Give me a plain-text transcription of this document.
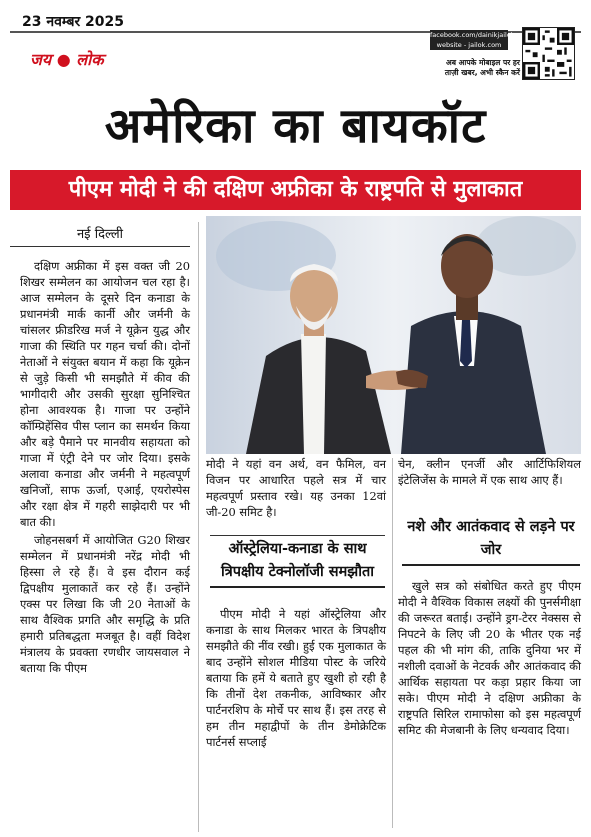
23 नवम्बर 2025
जय ● लोक
facebook.com/dainikjailok
website - jailok.com
अब आपके मोबाइल पर हर
ताज़ी खबर, अभी स्कैन करें
अमेरिका का बायकॉट
पीएम मोदी ने की दक्षिण अफ्रीका के राष्ट्रपति से मुलाकात
नई दिल्ली

दक्षिण अफ्रीका में इस वक्त जी 20 शिखर सम्मेलन का आयोजन चल रहा है। आज सम्मेलन के दूसरे दिन कनाडा के प्रधानमंत्री मार्क कार्नी और जर्मनी के चांसलर फ्रीडरिख मर्ज ने यूक्रेन युद्ध और गाजा की स्थिति पर गहन चर्चा की। दोनों नेताओं ने संयुक्त बयान में कहा कि यूक्रेन से जुड़े किसी भी समझौते में कीव की भागीदारी और उसकी सुरक्षा सुनिश्चित होना आवश्यक है। गाजा पर उन्होंने कॉम्प्रिहेंसिव पीस प्लान का समर्थन किया और बड़े पैमाने पर मानवीय सहायता को गाजा में एंट्री देने पर जोर दिया। इसके अलावा कनाडा और जर्मनी ने महत्वपूर्ण खनिजों, साफ ऊर्जा, एआई, एयरोस्पेस और रक्षा क्षेत्र में गहरी साझेदारी पर भी बात की।

जोहनसबर्ग में आयोजित G20 शिखर सम्मेलन में प्रधानमंत्री नरेंद्र मोदी भी हिस्सा ले रहे हैं। वे इस दौरान कई द्विपक्षीय मुलाकातें कर रहे हैं। उन्होंने एक्स पर लिखा कि जी 20 नेताओं के साथ वैश्विक प्रगति और समृद्धि के प्रति हमारी प्रतिबद्धता मजबूत है। वहीं विदेश मंत्रालय के प्रवक्ता रणधीर जायसवाल ने बताया कि पीएम

मोदी ने यहां वन अर्थ, वन फैमिल, वन विजन पर आधारित पहले सत्र में चार महत्वपूर्ण प्रस्ताव रखे। यह उनका 12वां जी-20 समिट है।

ऑस्ट्रेलिया-कनाडा के साथ त्रिपक्षीय टेक्नोलॉजी समझौता

पीएम मोदी ने यहां ऑस्ट्रेलिया और कनाडा के साथ मिलकर भारत के त्रिपक्षीय समझौते की नींव रखी। हुई एक मुलाकात के बाद उन्होंने सोशल मीडिया पोस्ट के जरिये बताया कि हमें ये बताते हुए खुशी हो रही है कि तीनों देश तकनीक, आविष्कार और पार्टनरशिप के मोर्चे पर साथ हैं। इस तरह से हम तीन महाद्वीपों के तीन डेमोक्रेटिक पार्टनर्स सप्लाई

चेन, क्लीन एनर्जी और आर्टिफिशियल इंटेलिजेंस के मामले में एक साथ आए हैं।

नशे और आतंकवाद से लड़ने पर जोर

खुले सत्र को संबोधित करते हुए पीएम मोदी ने वैश्विक विकास लक्ष्यों की पुनर्समीक्षा की जरूरत बताई। उन्होंने ड्रग-टेरर नेक्सस से निपटने के लिए जी 20 के भीतर एक नई पहल की भी मांग की, ताकि दुनिया भर में नशीली दवाओं के नेटवर्क और आतंकवाद की आर्थिक सहायता पर कड़ा प्रहार किया जा सके। पीएम मोदी ने दक्षिण अफ्रीका के राष्ट्रपति सिरिल रामाफोसा को इस महत्वपूर्ण समिट की मेजबानी के लिए धन्यवाद दिया।
